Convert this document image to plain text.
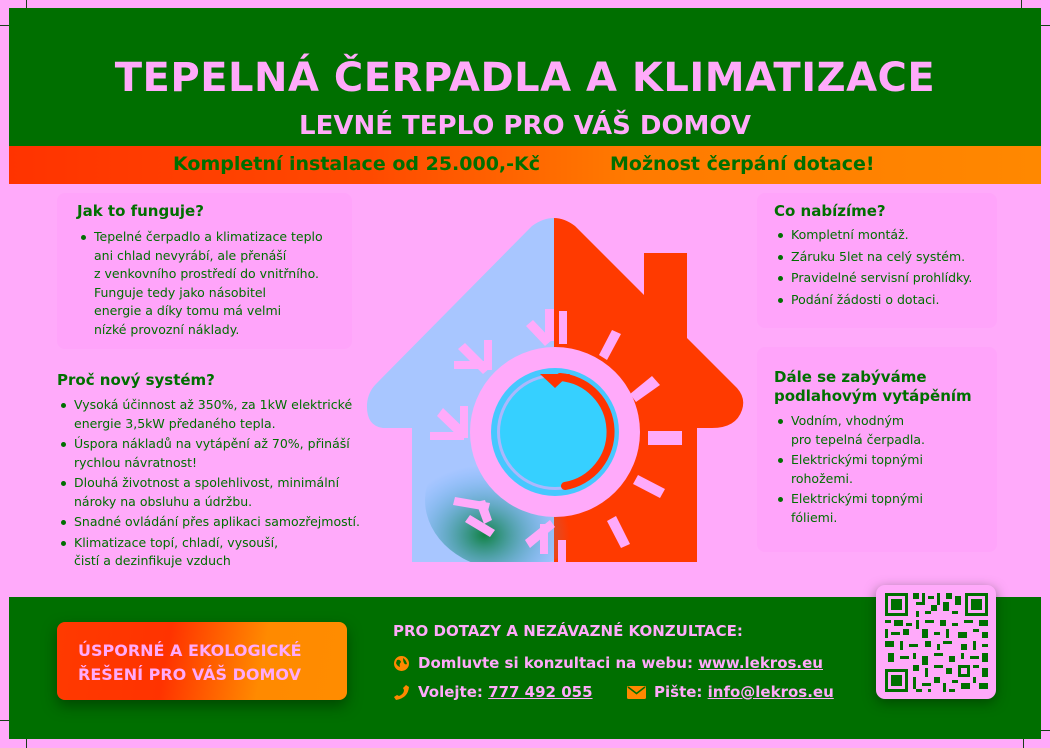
TEPELNÁ ČERPADLA A KLIMATIZACE
LEVNÉ TEPLO PRO VÁŠ DOMOV
Kompletní instalace od 25.000,-Kč	Možnost čerpání dotace!
Jak to funguje?
Tepelné čerpadlo a klimatizace teplo
ani chlad nevyrábí, ale přenáší
z venkovního prostředí do vnitřního.
Funguje tedy jako násobitel
energie a díky tomu má velmi
nízké provozní náklady.
Proč nový systém?
Vysoká účinnost až 350%, za 1kW elektrické
energie 3,5kW předaného tepla.
Úspora nákladů na vytápění až 70%, přináší
rychlou návratnost!
Dlouhá životnost a spolehlivost, minimální
nároky na obsluhu a údržbu.
Snadné ovládání přes aplikaci samozřejmostí.
Klimatizace topí, chladí, vysouší,
čistí a dezinfikuje vzduch
Co nabízíme?
Kompletní montáž.
Záruku 5let na celý systém.
Pravidelné servisní prohlídky.
Podání žádosti o dotaci.
Dále se zabýváme
podlahovým vytápěním
Vodním, vhodným
pro tepelná čerpadla.
Elektrickými topnými
rohožemi.
Elektrickými topnými
fóliemi.
ÚSPORNÉ A EKOLOGICKÉ
ŘEŠENÍ PRO VÁŠ DOMOV
PRO DOTAZY A NEZÁVAZNÉ KONZULTACE:
Domluvte si konzultaci na webu: www.lekros.eu
Volejte: 777 492 055	Pište: info@lekros.eu
